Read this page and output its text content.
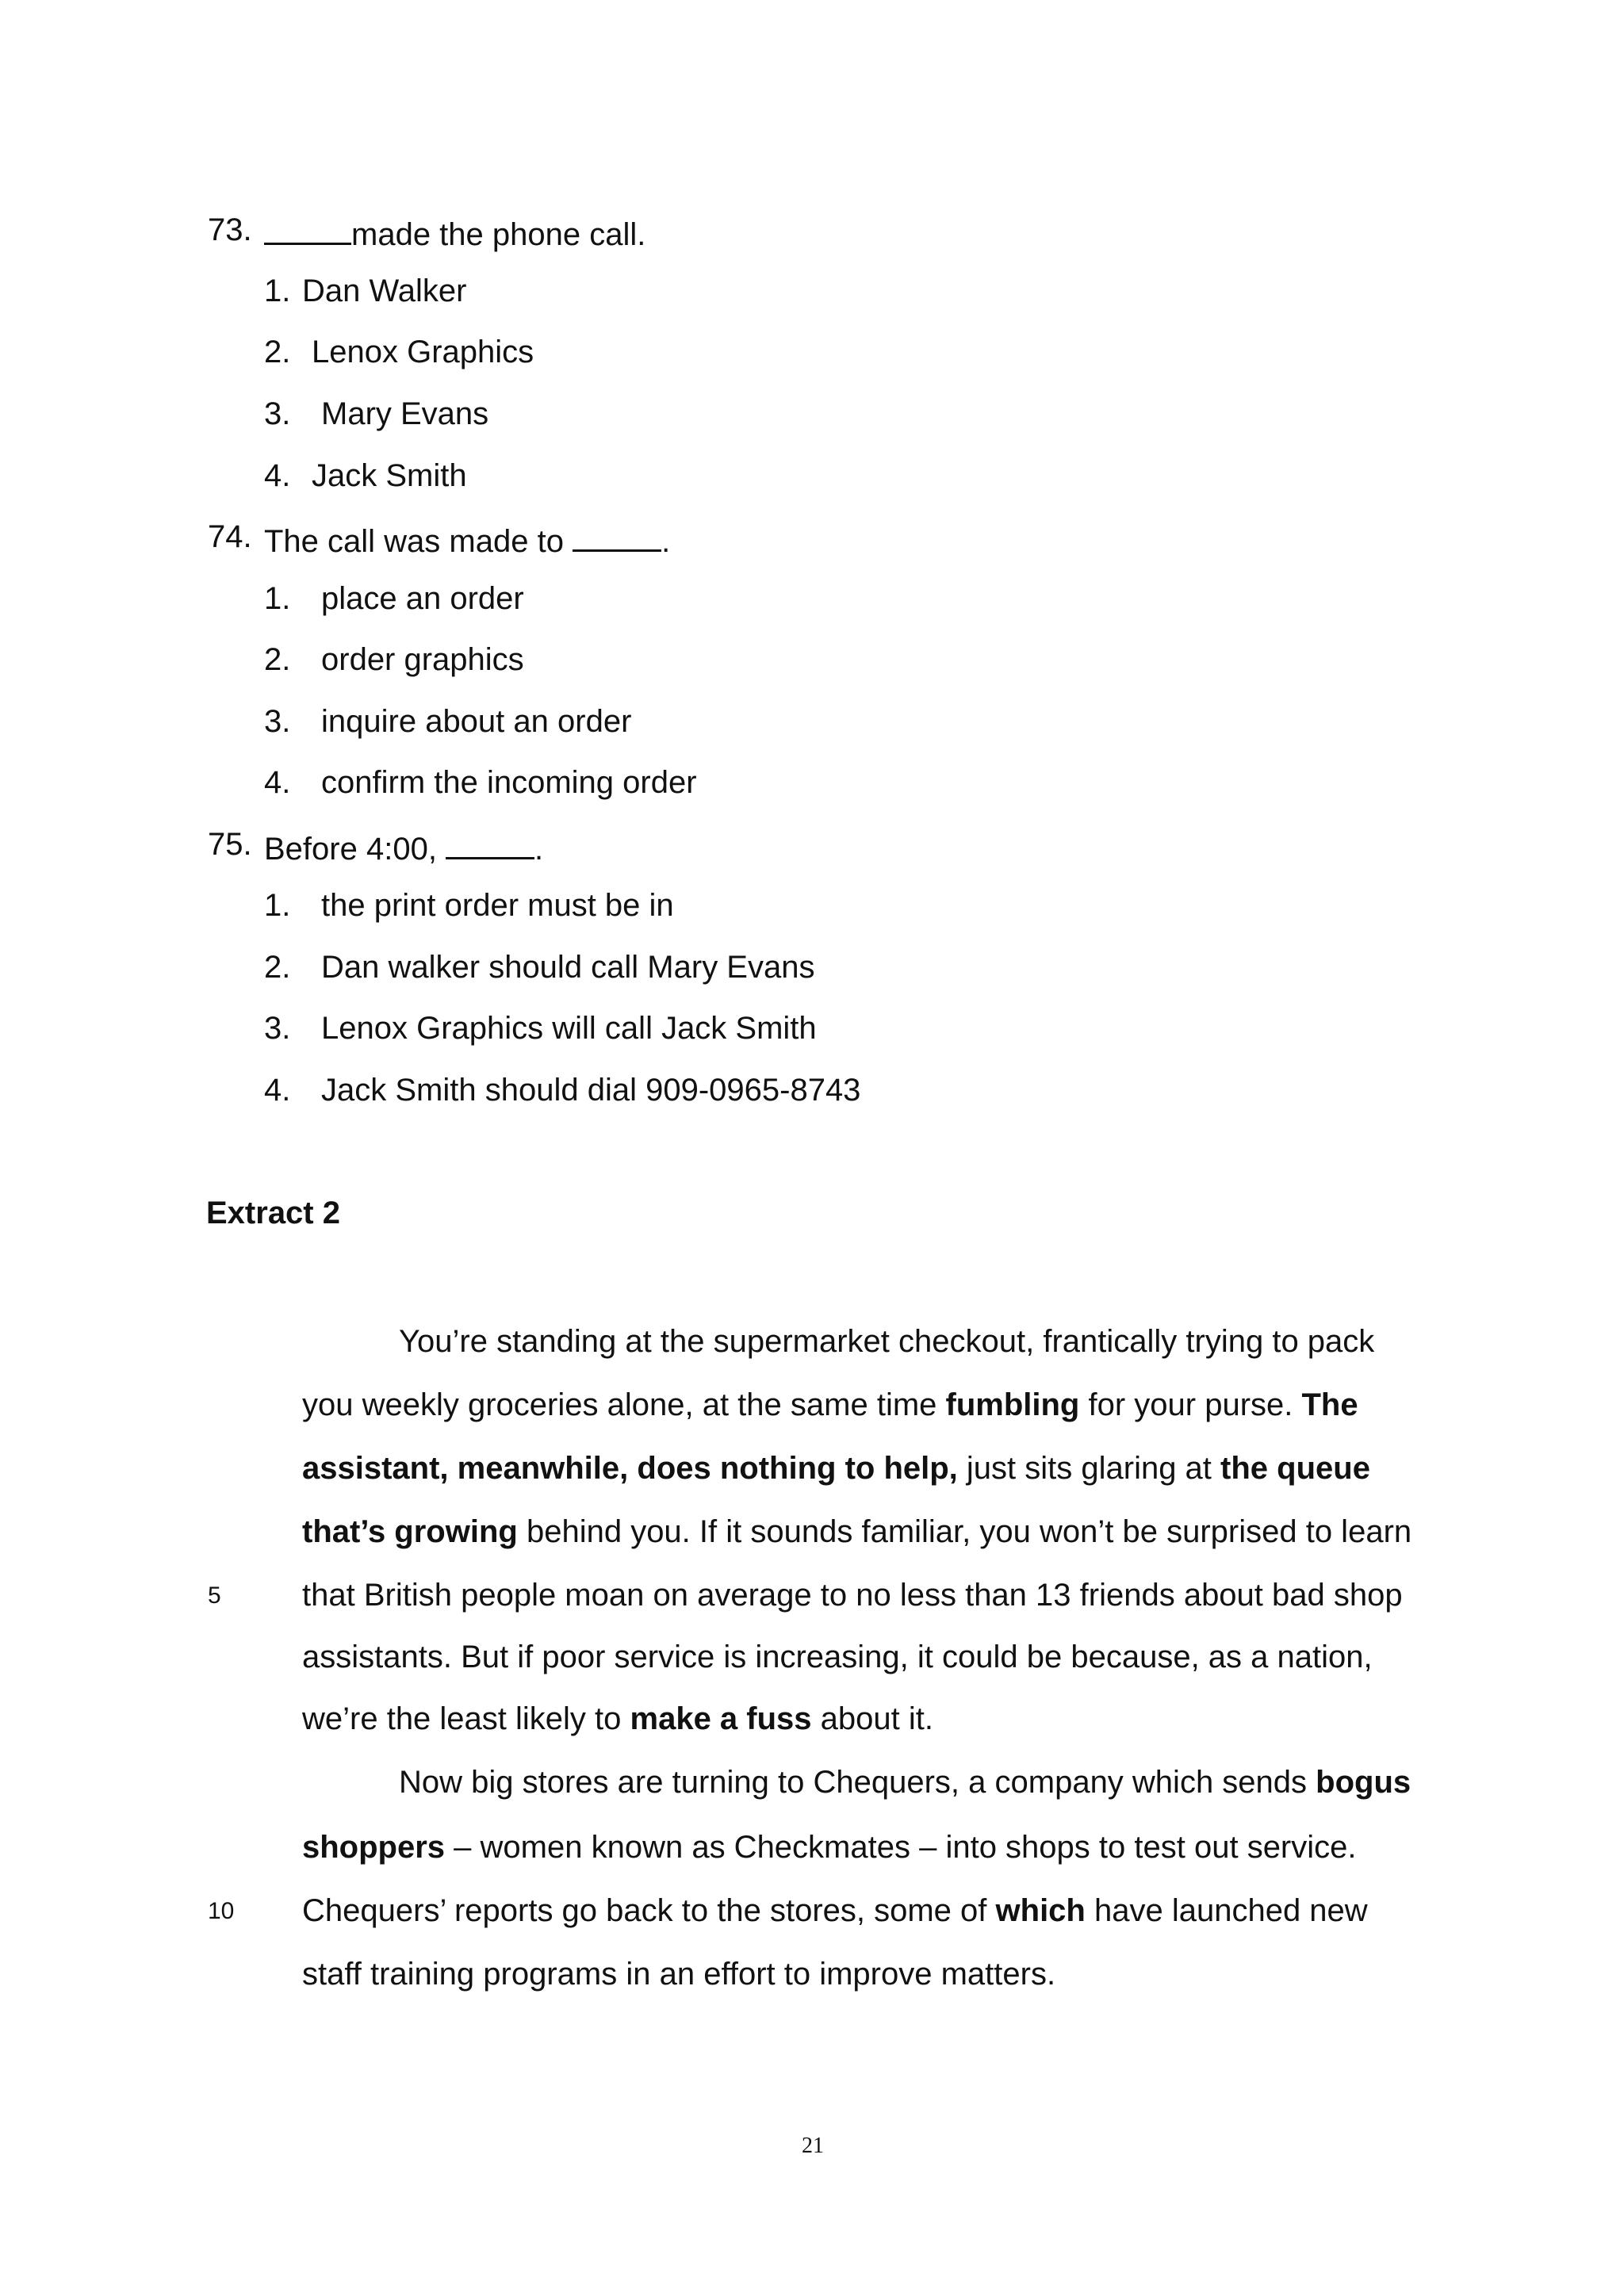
73.	made the phone call.
1. Dan Walker
2. Lenox Graphics
3. Mary Evans
4. Jack Smith
74. The call was made to	.
1. place an order
2. order graphics
3. inquire about an order
4. confirm the incoming order
75. Before 4:00,	.
1. the print order must be in
2. Dan walker should call Mary Evans
3. Lenox Graphics will call Jack Smith
4. Jack Smith should dial 909-0965-8743
Extract 2
You’re standing at the supermarket checkout, frantically trying to pack
you weekly groceries alone, at the same time fumbling for your purse. The
assistant, meanwhile, does nothing to help, just sits glaring at the queue
that’s growing behind you. If it sounds familiar, you won’t be surprised to learn
that British people moan on average to no less than 13 friends about bad shop
assistants. But if poor service is increasing, it could be because, as a nation,
we’re the least likely to make a fuss about it.
Now big stores are turning to Chequers, a company which sends bogus
shoppers – women known as Checkmates – into shops to test out service.
Chequers’ reports go back to the stores, some of which have launched new
staff training programs in an effort to improve matters.
5
10
21
